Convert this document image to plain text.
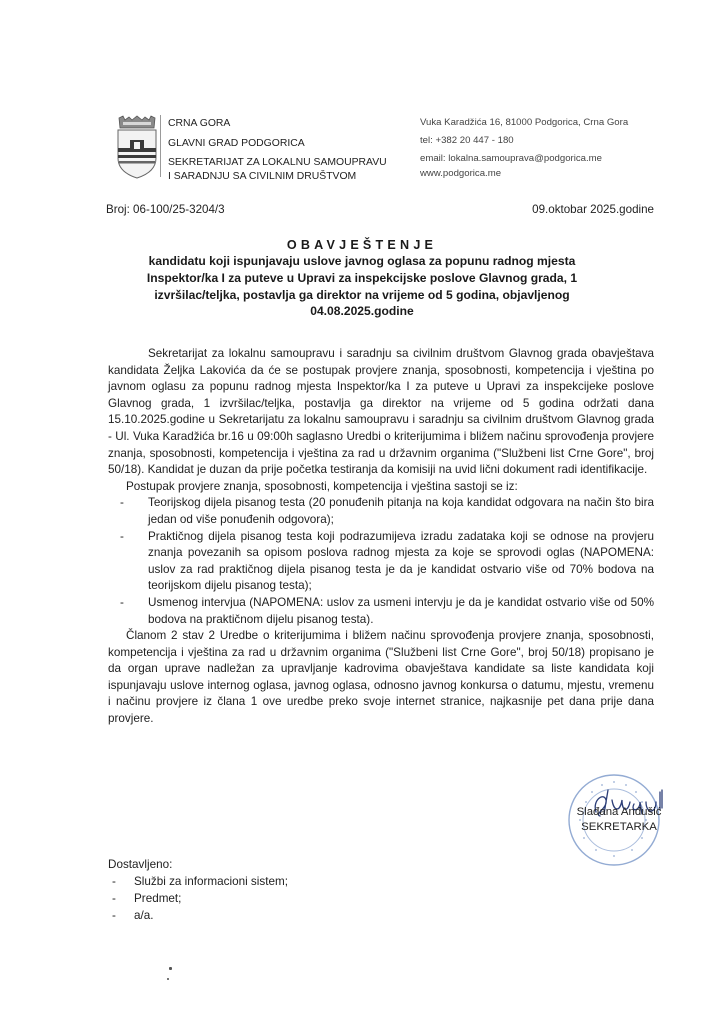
CRNA GORA
GLAVNI GRAD PODGORICA
SEKRETARIJAT ZA LOKALNU SAMOUPRAVU
I SARADNJU SA CIVILNIM DRUŠTVOM
Vuka Karadžića 16, 81000 Podgorica, Crna Gora
tel: +382 20 447 - 180
email: lokalna.samouprava@podgorica.me
www.podgorica.me
Broj: 06-100/25-3204/3	09.oktobar 2025.godine
OBAVJEŠTENJE
kandidatu koji ispunjavaju uslove javnog oglasa za popunu radnog mjesta
Inspektor/ka I za puteve u Upravi za inspekcijske poslove Glavnog grada, 1
izvršilac/teljka, postavlja ga direktor na vrijeme od 5 godina, objavljenog
04.08.2025.godine

Sekretarijat za lokalnu samoupravu i saradnju sa civilnim društvom Glavnog grada obavještava kandidata Željka Lakovića da će se postupak provjere znanja, sposobnosti, kompetencija i vještina po javnom oglasu za popunu radnog mjesta Inspektor/ka I za puteve u Upravi za inspekcijeke poslove Glavnog grada, 1 izvršilac/teljka, postavlja ga direktor na vrijeme od 5 godina održati dana 15.10.2025.godine u Sekretarijatu za lokalnu samoupravu i saradnju sa civilnim društvom Glavnog grada - Ul. Vuka Karadžića br.16 u 09:00h saglasno Uredbi o kriterijumima i bližem načinu sprovođenja provjere znanja, sposobnosti, kompetencija i vještina za rad u državnim organima ("Službeni list Crne Gore", broj 50/18). Kandidat je duzan da prije početka testiranja da komisiji na uvid lični dokument radi identifikacije.

Postupak provjere znanja, sposobnosti, kompetencija i vještina sastoji se iz:

- Teorijskog dijela pisanog testa (20 ponuđenih pitanja na koja kandidat odgovara na način što bira jedan od više ponuđenih odgovora);
- Praktičnog dijela pisanog testa koji podrazumijeva izradu zadataka koji se odnose na provjeru znanja povezanih sa opisom poslova radnog mjesta za koje se sprovodi oglas (NAPOMENA: uslov za rad praktičnog dijela pisanog testa je da je kandidat ostvario više od 70% bodova na teorijskom dijelu pisanog testa);
- Usmenog intervjua (NAPOMENA: uslov za usmeni intervju je da je kandidat ostvario više od 50% bodova na praktičnom dijelu pisanog testa).

Članom 2 stav 2 Uredbe o kriterijumima i bližem načinu sprovođenja provjere znanja, sposobnosti, kompetencija i vještina za rad u državnim organima ("Službeni list Crne Gore", broj 50/18) propisano je da organ uprave nadležan za upravljanje kadrovima obavještava kandidate sa liste kandidata koji ispunjavaju uslove internog oglasa, javnog oglasa, odnosno javnog konkursa o datumu, mjestu, vremenu i načinu provjere iz člana 1 ove uredbe preko svoje internet stranice, najkasnije pet dana prije dana provjere.

Slađana Anđušić
SEKRETARKA
Dostavljeno:
- Službi za informacioni sistem;
- Predmet;
- a/a.
